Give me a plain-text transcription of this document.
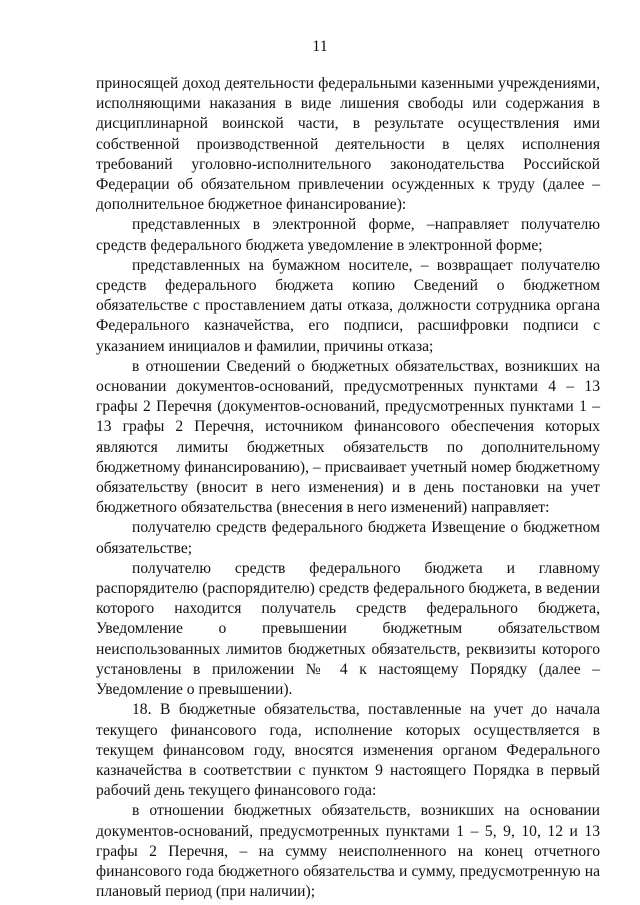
11

приносящей доход деятельности федеральными казенными учреждениями, исполняющими наказания в виде лишения свободы или содержания в дисциплинарной воинской части, в результате осуществления ими собственной производственной деятельности в целях исполнения требований уголовно-исполнительного законодательства Российской Федерации об обязательном привлечении осужденных к труду (далее – дополнительное бюджетное финансирование):

представленных в электронной форме, –направляет получателю средств федерального бюджета уведомление в электронной форме;

представленных на бумажном носителе, – возвращает получателю средств федерального бюджета копию Сведений о бюджетном обязательстве с проставлением даты отказа, должности сотрудника органа Федерального казначейства, его подписи, расшифровки подписи с указанием инициалов и фамилии, причины отказа;

в отношении Сведений о бюджетных обязательствах, возникших на основании документов-оснований, предусмотренных пунктами 4 – 13 графы 2 Перечня (документов-оснований, предусмотренных пунктами 1 – 13 графы 2 Перечня, источником финансового обеспечения которых являются лимиты бюджетных обязательств по дополнительному бюджетному финансированию), – присваивает учетный номер бюджетному обязательству (вносит в него изменения) и в день постановки на учет бюджетного обязательства (внесения в него изменений) направляет:

получателю средств федерального бюджета Извещение о бюджетном обязательстве;

получателю средств федерального бюджета и главному распорядителю (распорядителю) средств федерального бюджета, в ведении которого находится получатель средств федерального бюджета, Уведомление о превышении бюджетным обязательством неиспользованных лимитов бюджетных обязательств, реквизиты которого установлены в приложении № 4 к настоящему Порядку (далее – Уведомление о превышении).

18. В бюджетные обязательства, поставленные на учет до начала текущего финансового года, исполнение которых осуществляется в текущем финансовом году, вносятся изменения органом Федерального казначейства в соответствии с пунктом 9 настоящего Порядка в первый рабочий день текущего финансового года:

в отношении бюджетных обязательств, возникших на основании документов-оснований, предусмотренных пунктами 1 – 5, 9, 10, 12 и 13 графы 2 Перечня, – на сумму неисполненного на конец отчетного финансового года бюджетного обязательства и сумму, предусмотренную на плановый период (при наличии);
